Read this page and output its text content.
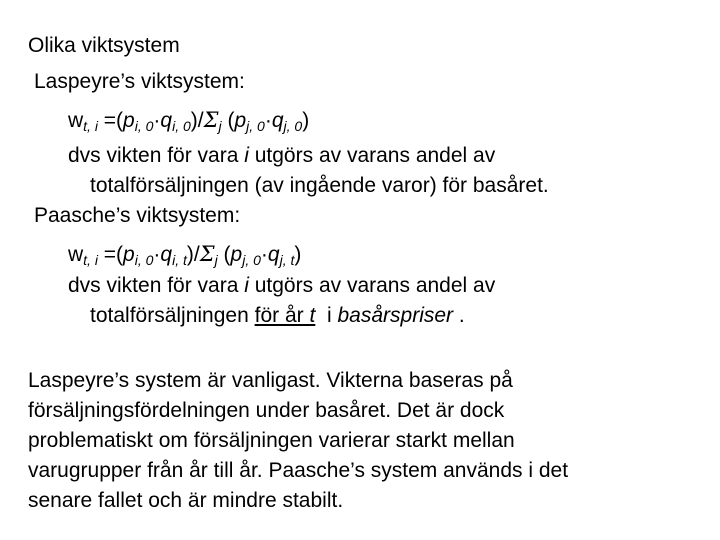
Olika viktsystem
Laspeyre’s viktsystem:
$w_{t, i} =(p_{i, 0}\cdot q_{i, 0})/\Sigma_j$ $(p_{j, 0}\cdot q_{j, 0})$
dvs vikten för vara i utgörs av varans andel av
totalförsäljningen (av ingående varor) för basåret.
Paasche’s viktsystem:
$w_{t, i} =(p_{i, 0}\cdot q_{i, t})/\Sigma_j$ $(p_{j, 0}\cdot q_{j, t})$
dvs vikten för vara i utgörs av varans andel av
totalförsäljningen för år t  i basårspriser .
Laspeyre’s system är vanligast. Vikterna baseras på
försäljningsfördelningen under basåret. Det är dock
problematiskt om försäljningen varierar starkt mellan
varugrupper från år till år. Paasche’s system används i det
senare fallet och är mindre stabilt.
